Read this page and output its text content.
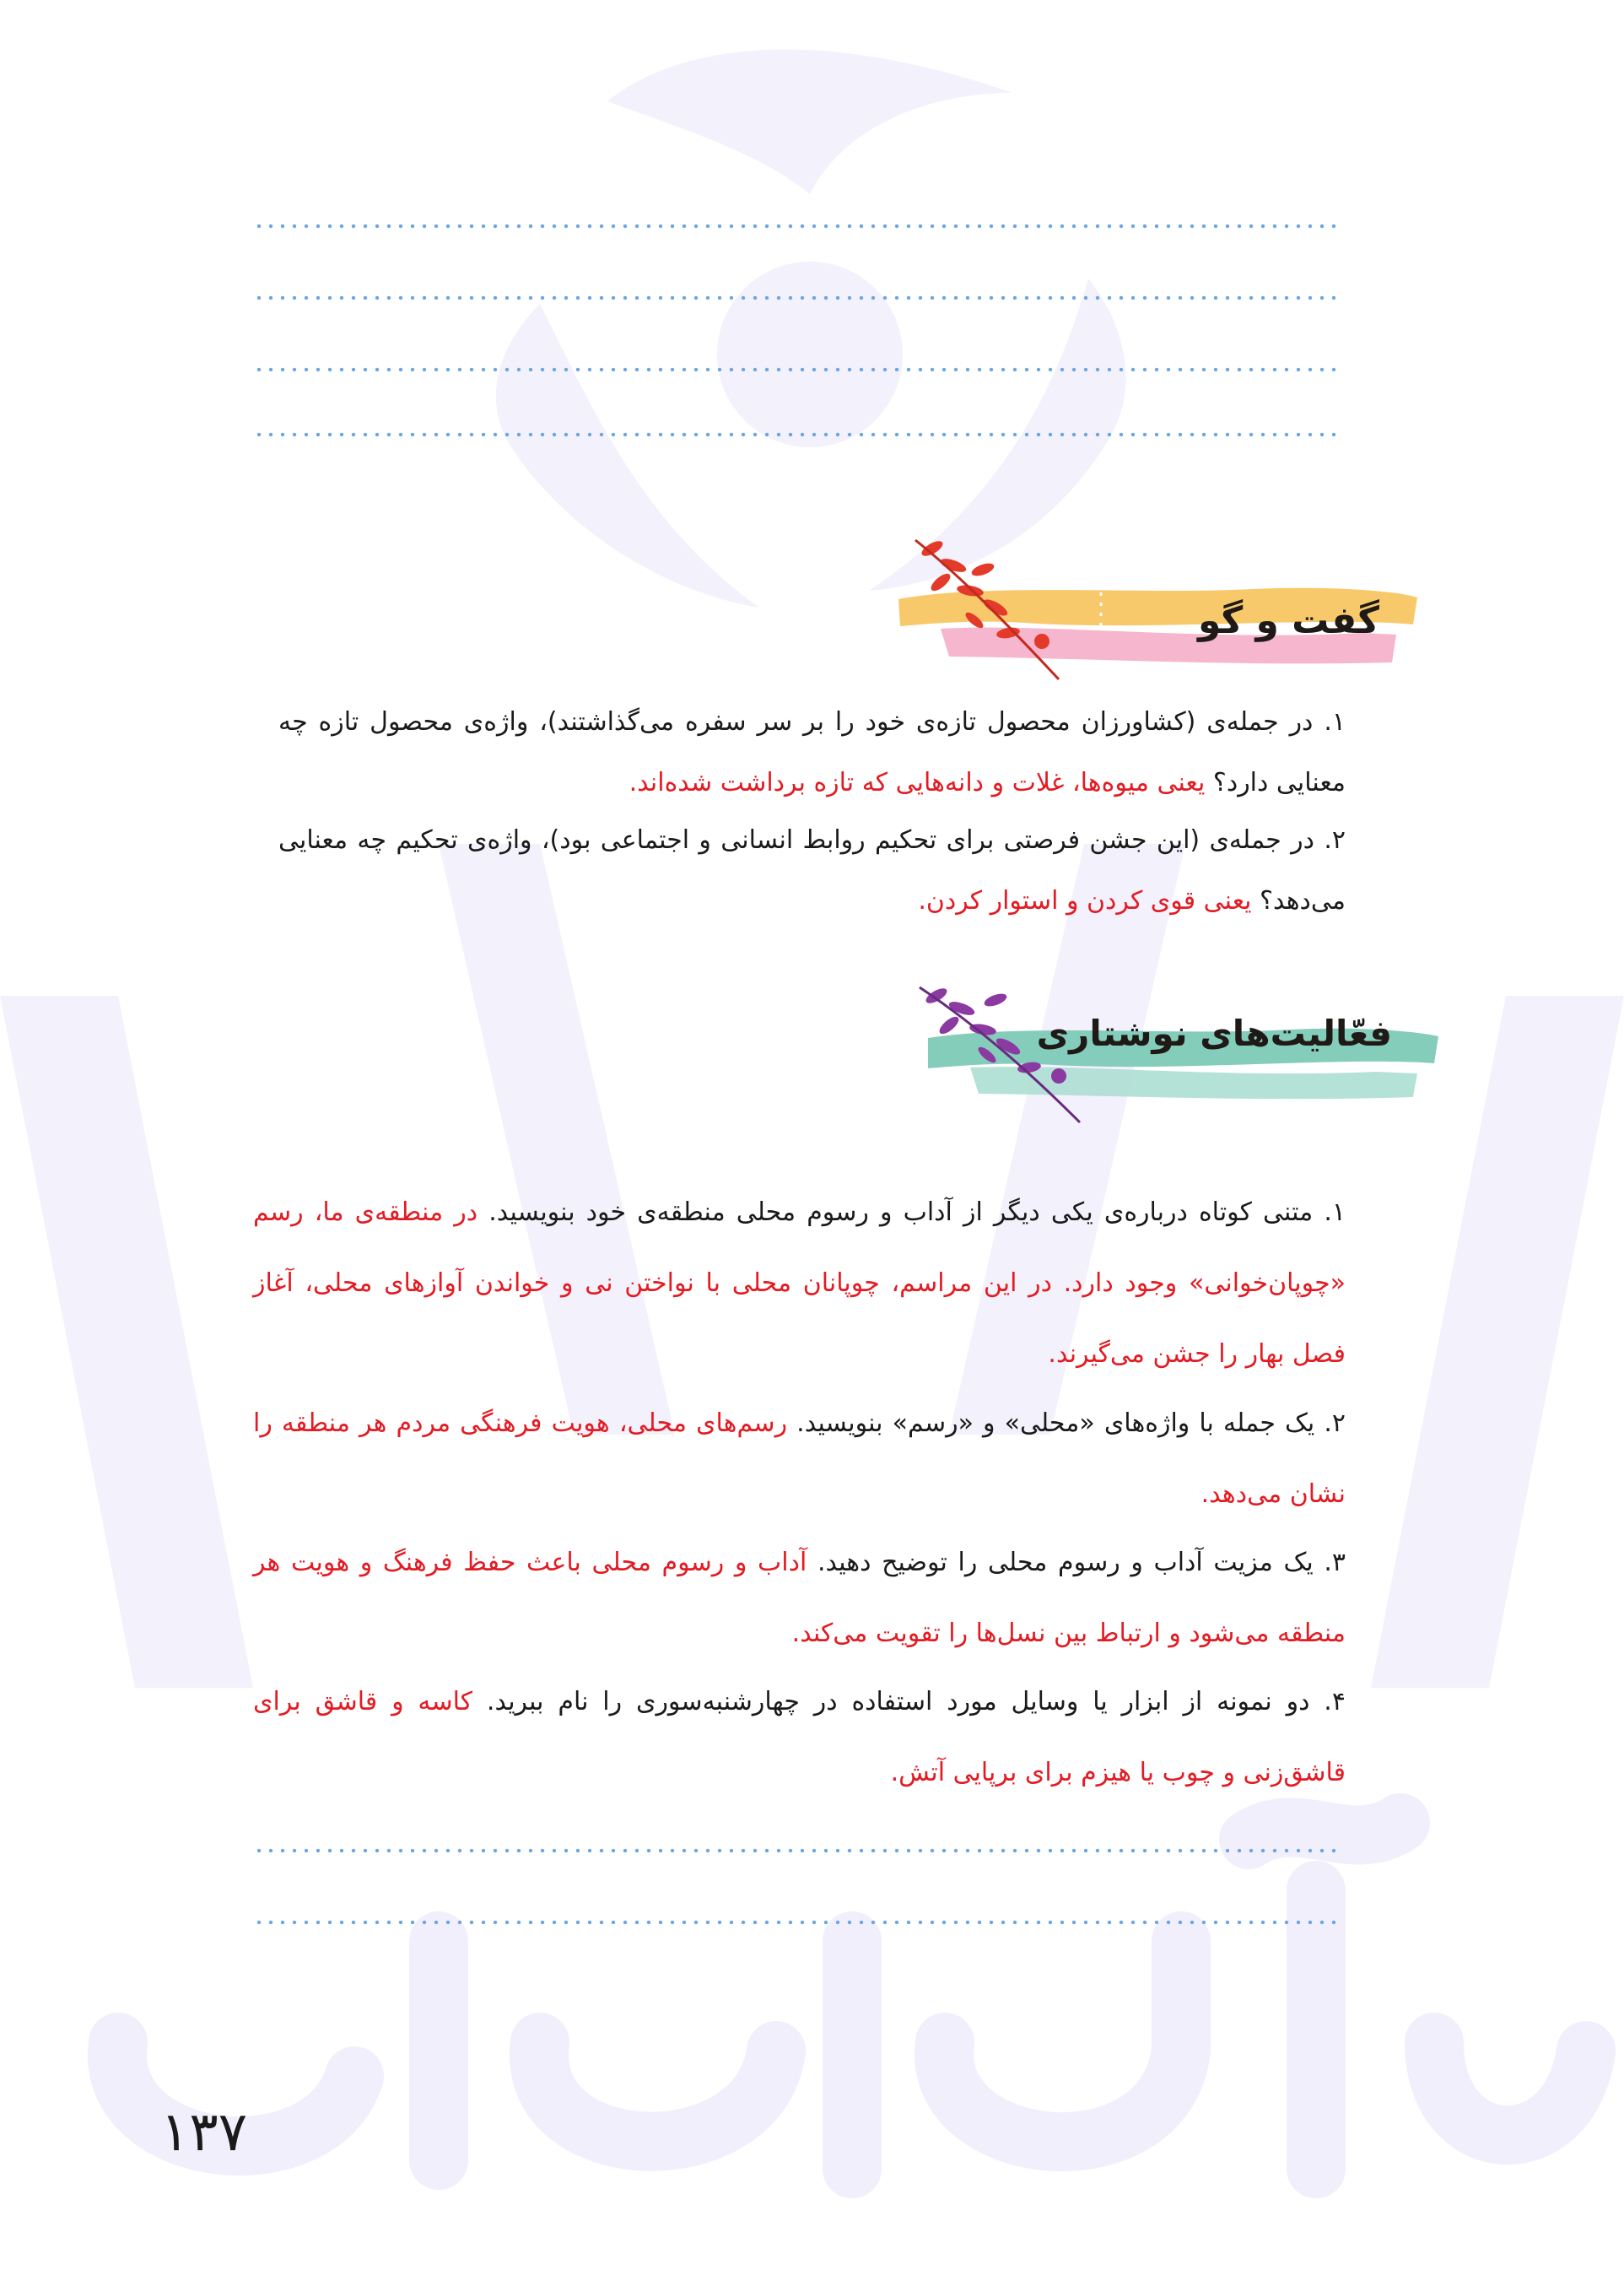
گفت و گو
۱. در جمله‌ی (کشاورزان محصول تازه‌ی خود را بر سر سفره می‌گذاشتند)، واژه‌ی محصول تازه چه معنایی دارد؟ یعنی میوه‌ها، غلات و دانه‌هایی که تازه برداشت شده‌اند.
۲. در جمله‌ی (این جشن فرصتی برای تحکیم روابط انسانی و اجتماعی بود)، واژه‌ی تحکیم چه معنایی می‌دهد؟ یعنی قوی کردن و استوار کردن.
فعّالیت‌های نوشتاری
۱. متنی کوتاه درباره‌ی یکی دیگر از آداب و رسوم محلی منطقه‌ی خود بنویسید. در منطقه‌ی ما، رسم «چوپان‌خوانی» وجود دارد. در این مراسم، چوپانان محلی با نواختن نی و خواندن آوازهای محلی، آغاز فصل بهار را جشن می‌گیرند.
۲. یک جمله با واژه‌های «محلی» و «رسم» بنویسید. رسم‌های محلی، هویت فرهنگی مردم هر منطقه را نشان می‌دهد.
۳. یک مزیت آداب و رسوم محلی را توضیح دهید. آداب و رسوم محلی باعث حفظ فرهنگ و هویت هر منطقه می‌شود و ارتباط بین نسل‌ها را تقویت می‌کند.
۴. دو نمونه از ابزار یا وسایل مورد استفاده در چهارشنبه‌سوری را نام ببرید. کاسه و قاشق برای قاشق‌زنی و چوب یا هیزم برای برپایی آتش.
۱۳۷
